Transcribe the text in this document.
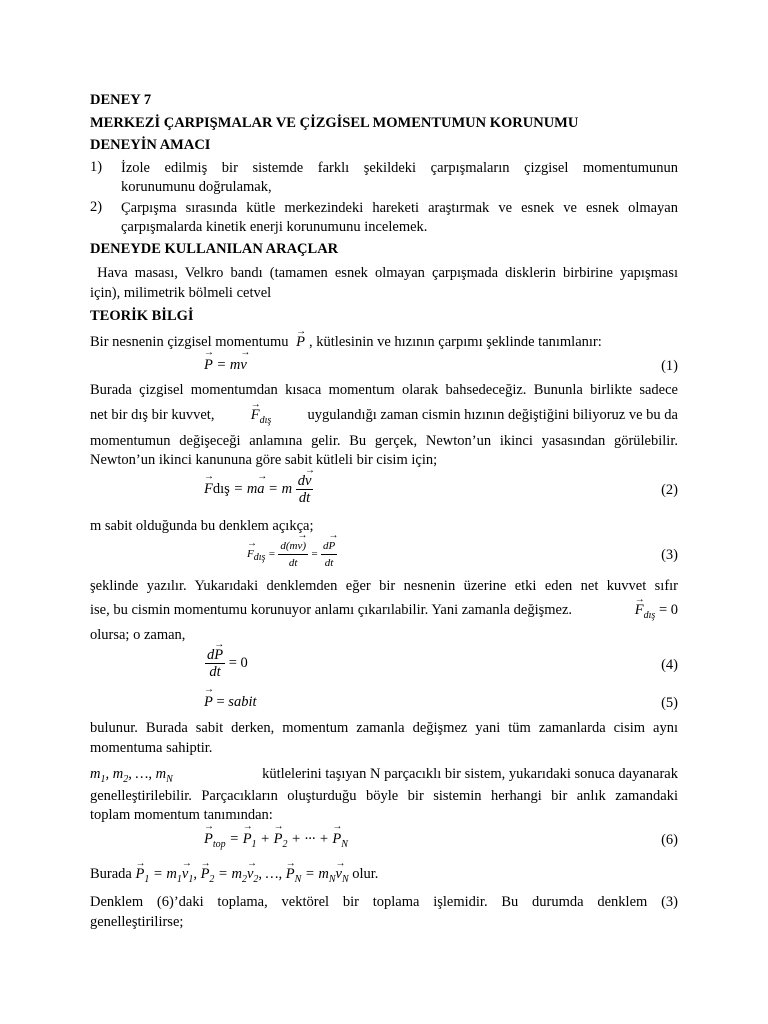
DENEY 7
MERKEZİ ÇARPIŞMALAR VE ÇİZGİSEL MOMENTUMUN KORUNUMU
DENEYİN AMACI
1) İzole edilmiş bir sistemde farklı şekildeki çarpışmaların çizgisel momentumunun
korunumunu doğrulamak,
2) Çarpışma sırasında kütle merkezindeki hareketi araştırmak ve esnek ve esnek olmayan
çarpışmalarda kinetik enerji korunumunu incelemek.
DENEYDE KULLANILAN ARAÇLAR
Hava masası, Velkro bandı (tamamen esnek olmayan çarpışmada disklerin birbirine yapışması
için), milimetrik bölmeli cetvel
TEORİK BİLGİ
Bir nesnenin çizgisel momentumu → P , kütlesinin ve hızının çarpımı şeklinde tanımlanır:
→ P = m→ v	(1)
Burada çizgisel momentumdan kısaca momentum olarak bahsedeceğiz. Bununla birlikte sadece
net bir dış bir kuvvet,	→ $F_{dış}$	uygulandığı zaman cismin hızının değiştiğini biliyoruz ve bu da
momentumun değişeceği anlamına gelir. Bu gerçek, Newton’un ikinci yasasından görülebilir.
Newton’un ikinci kanununa göre sabit kütleli bir cisim için;
→ Fdış = m→ a = m $\frac{d\to v}{dt}$	(2)
m sabit olduğunda bu denklem açıkça;
→ $F_{dış} = \frac{d(m\to v)}{dt} = \frac{d\to P}{dt}$	(3)
şeklinde yazılır. Yukarıdaki denklemden eğer bir nesnenin üzerine etki eden net kuvvet sıfır
ise, bu cismin momentumu korunuyor anlamı çıkarılabilir. Yani zamanla değişmez.	→ $F_{dış} = 0$
olursa; o zaman,
$\frac{d\to P}{dt} = 0$	(4)
→ P = sabit	(5)
bulunur. Burada sabit derken, momentum zamanla değişmez yani tüm zamanlarda cisim aynı
momentuma sahiptir.
$m_1$, $m_2$, …, $m_N$	kütlelerini taşıyan N parçacıklı bir sistem, yukarıdaki sonuca dayanarak
genelleştirilebilir. Parçacıkların oluşturduğu böyle bir sistemin herhangi bir anlık zamandaki
toplam momentum tanımından:
→ $P_{top}$ = → $P_1$ + → $P_2$ + ··· + → $P_N$	(6)
Burada → $P_1 = m_1\to v_1$, → $P_2 = m_2\to v_2$, …, → $P_N = m_N\to v_N$ olur.
Denklem (6)’daki toplama, vektörel bir toplama işlemidir. Bu durumda denklem (3)
genelleştirilirse;
